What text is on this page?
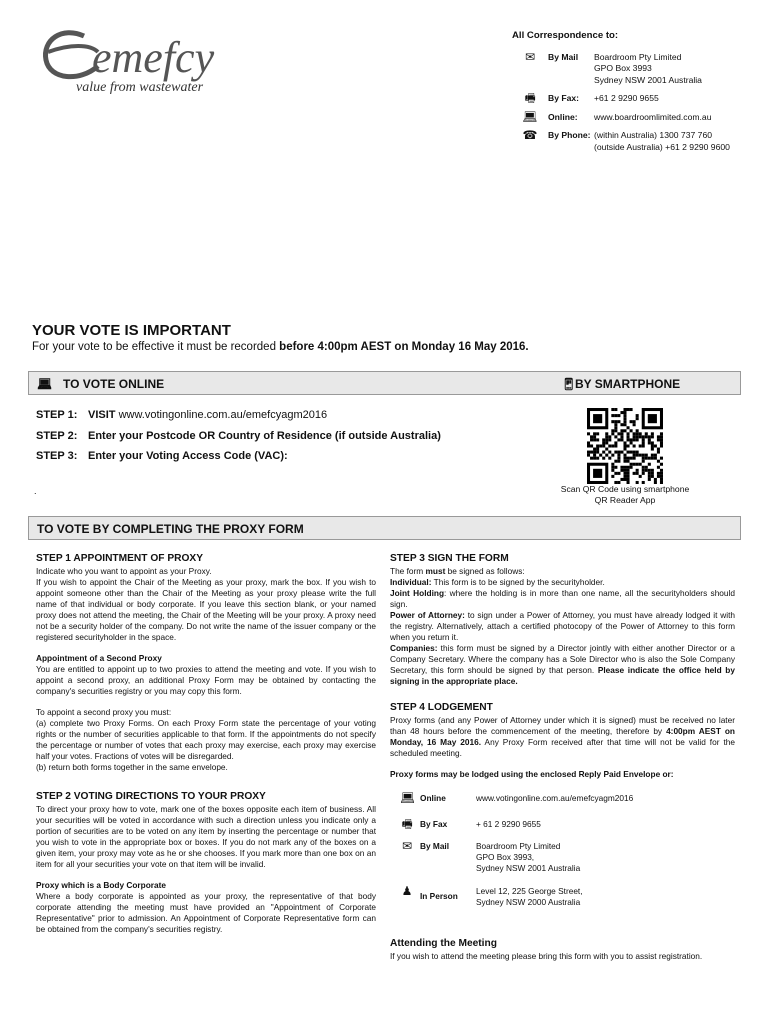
emefcy
value from wastewater
All Correspondence to:
✉︎	By Mail	Boardroom Pty Limited
GPO Box 3993
Sydney NSW 2001 Australia
🖷︎	By Fax:	+61 2 9290 9655
💻︎	Online:	www.boardroomlimited.com.au
☎︎	By Phone: (within Australia) 1300 737 760
(outside Australia) +61 2 9290 9600
YOUR VOTE IS IMPORTANT
For your vote to be effective it must be recorded before 4:00pm AEST on Monday 16 May 2016.
💻︎ TO VOTE ONLINE	📱︎
BY SMARTPHONE
STEP 1: VISIT www.votingonline.com.au/emefcyagm2016
STEP 2: Enter your Postcode OR Country of Residence (if outside Australia)
STEP 3: Enter your Voting Access Code (VAC):
.	Scan QR Code using smartphone
QR Reader App
TO VOTE BY COMPLETING THE PROXY FORM
STEP 1 APPOINTMENT OF PROXY

Indicate who you want to appoint as your Proxy.

If you wish to appoint the Chair of the Meeting as your proxy, mark the box. If you wish to appoint someone other than the Chair of the Meeting as your proxy please write the full name of that individual or body corporate. If you leave this section blank, or your named proxy does not attend the meeting, the Chair of the Meeting will be your proxy. A proxy need not be a security holder of the company. Do not write the name of the issuer company or the registered securityholder in the space.

Appointment of a Second Proxy

You are entitled to appoint up to two proxies to attend the meeting and vote. If you wish to appoint a second proxy, an additional Proxy Form may be obtained by contacting the company's securities registry or you may copy this form.

To appoint a second proxy you must:

(a) complete two Proxy Forms. On each Proxy Form state the percentage of your voting rights or the number of securities applicable to that form. If the appointments do not specify the percentage or number of votes that each proxy may exercise, each proxy may exercise half your votes. Fractions of votes will be disregarded.

(b) return both forms together in the same envelope.

STEP 2 VOTING DIRECTIONS TO YOUR PROXY

To direct your proxy how to vote, mark one of the boxes opposite each item of business. All your securities will be voted in accordance with such a direction unless you indicate only a portion of securities are to be voted on any item by inserting the percentage or number that you wish to vote in the appropriate box or boxes. If you do not mark any of the boxes on a given item, your proxy may vote as he or she chooses. If you mark more than one box on an item for all your securities your vote on that item will be invalid.

Proxy which is a Body Corporate

Where a body corporate is appointed as your proxy, the representative of that body corporate attending the meeting must have provided an "Appointment of Corporate Representative" prior to admission. An Appointment of Corporate Representative form can be obtained from the company's securities registry.

STEP 3 SIGN THE FORM

The form must be signed as follows:

Individual: This form is to be signed by the securityholder.

Joint Holding: where the holding is in more than one name, all the securityholders should sign.

Power of Attorney: to sign under a Power of Attorney, you must have already lodged it with the registry. Alternatively, attach a certified photocopy of the Power of Attorney to this form when you return it.

Companies: this form must be signed by a Director jointly with either another Director or a Company Secretary. Where the company has a Sole Director who is also the Sole Company Secretary, this form should be signed by that person. Please indicate the office held by signing in the appropriate place.

STEP 4 LODGEMENT

Proxy forms (and any Power of Attorney under which it is signed) must be received no later than 48 hours before the commencement of the meeting, therefore by 4:00pm AEST on Monday, 16 May 2016. Any Proxy Form received after that time will not be valid for the scheduled meeting.

Proxy forms may be lodged using the enclosed Reply Paid Envelope or:

💻︎ Online	www.votingonline.com.au/emefcyagm2016
🖷︎ By Fax	+ 61 2 9290 9655
✉︎ By Mail	Boardroom Pty Limited
GPO Box 3993,
Sydney NSW 2001 Australia
♟︎ In Person Level 12, 225 George Street,
Sydney NSW 2000 Australia
Attending the Meeting

If you wish to attend the meeting please bring this form with you to assist registration.
